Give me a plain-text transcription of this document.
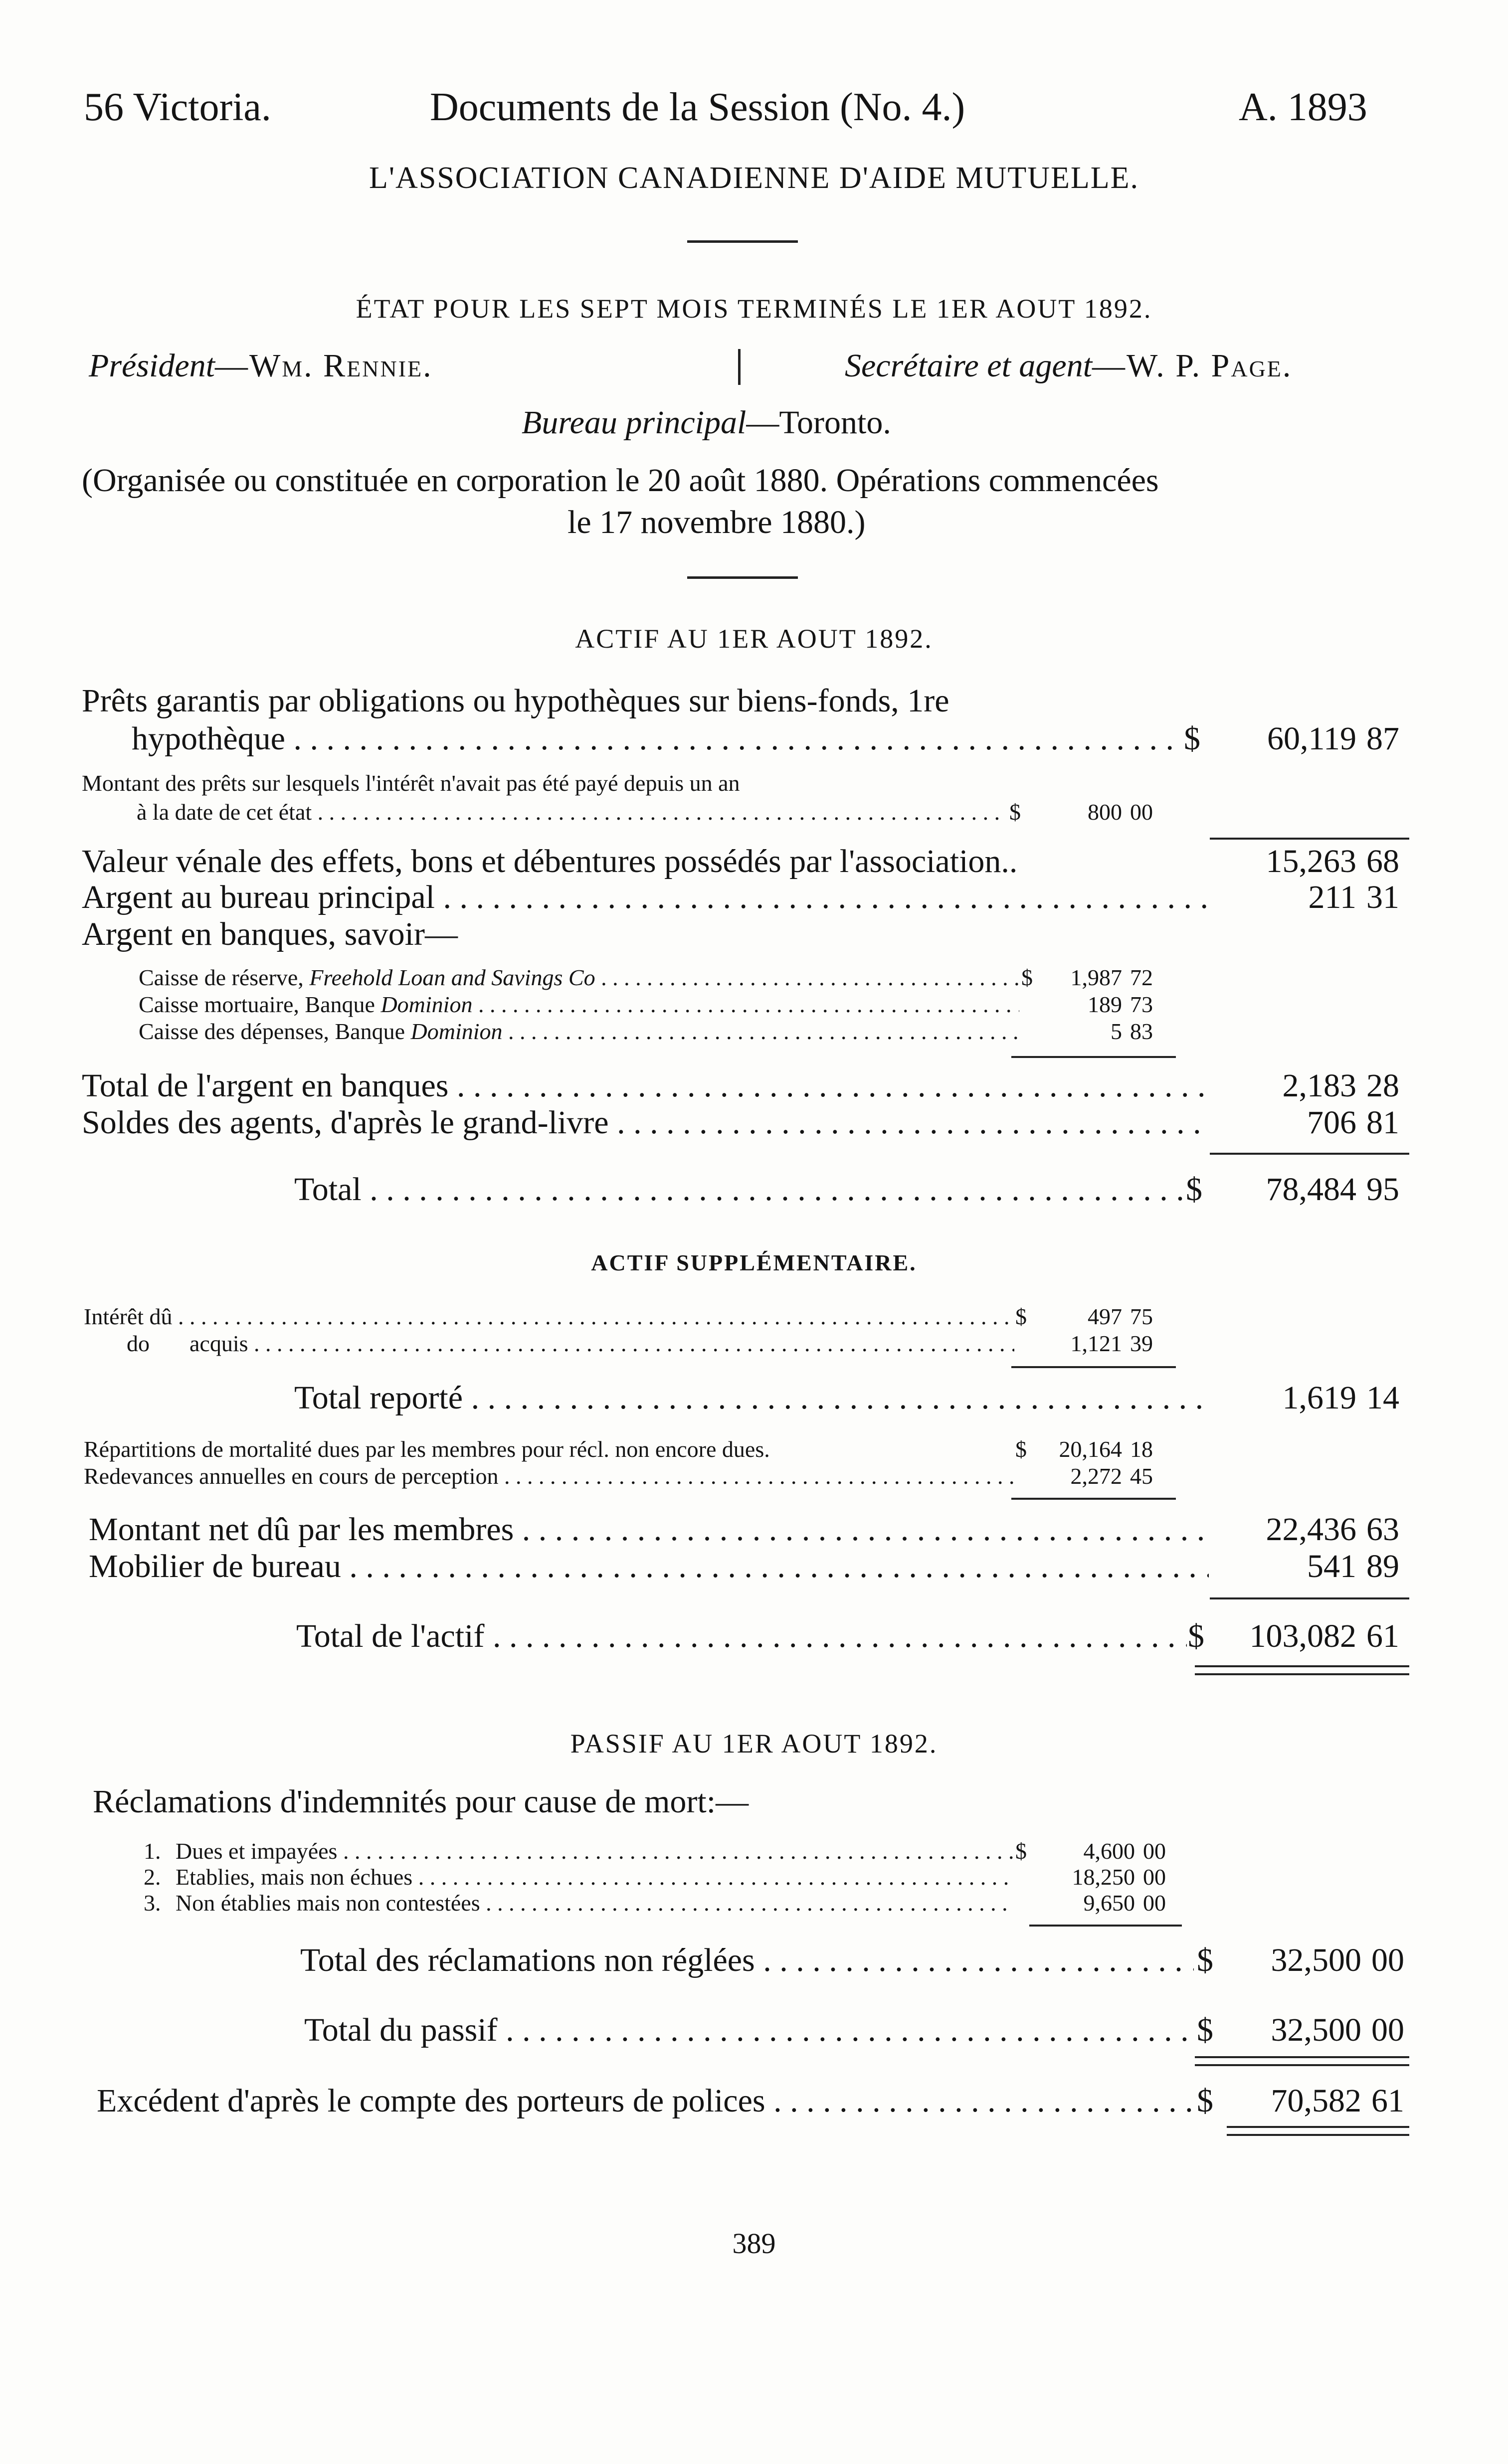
56 Victoria.	Documents de la Session (No. 4.)	A. 1893
L'ASSOCIATION CANADIENNE D'AIDE MUTUELLE.
ÉTAT POUR LES SEPT MOIS TERMINÉS LE 1ER AOUT 1892.
Président—Wm. Rennie.	Secrétaire et agent—W. P. Page.
Bureau principal—Toronto.
(Organisée ou constituée en corporation le 20 août 1880. Opérations commencées
le 17 novembre 1880.)
ACTIF AU 1ER AOUT 1892.
Prêts garantis par obligations ou hypothèques sur biens-fonds, 1re
hypothèque . . .	$	60,119 87
Montant des prêts sur lesquels l'intérêt n'avait pas été payé depuis un an
à la date de cet état . . .	$	800 00
Valeur vénale des effets, bons et débentures possédés par l'association..	15,263 68
Argent au bureau principal . . .	211 31
Argent en banques, savoir—
Caisse de réserve, Freehold Loan and Savings Co . . .	$	1,987 72
Caisse mortuaire, Banque Dominion . . .	189 73
Caisse des dépenses, Banque Dominion . . .	5 83
Total de l'argent en banques . . .	2,183 28
Soldes des agents, d'après le grand-livre . . .	706 81
Total . . .	$	78,484 95
ACTIF SUPPLÉMENTAIRE.
Intérêt dû . . .	$	497 75
do acquis . . .	1,121 39
Total reporté . . .	1,619 14
Répartitions de mortalité dues par les membres pour récl. non encore dues.	$	20,164 18
Redevances annuelles en cours de perception . . .	2,272 45
Montant net dû par les membres . . .	22,436 63
Mobilier de bureau . . .	541 89
Total de l'actif . . .	$	103,082 61
PASSIF AU 1ER AOUT 1892.
Réclamations d'indemnités pour cause de mort:—
1. Dues et impayées . . .	$	4,600 00
2. Etablies, mais non échues . . .	18,250 00
3. Non établies mais non contestées . . .	9,650 00
Total des réclamations non réglées . . .	$	32,500 00
Total du passif . . .	$	32,500 00
Excédent d'après le compte des porteurs de polices . . .	$	70,582 61
389
